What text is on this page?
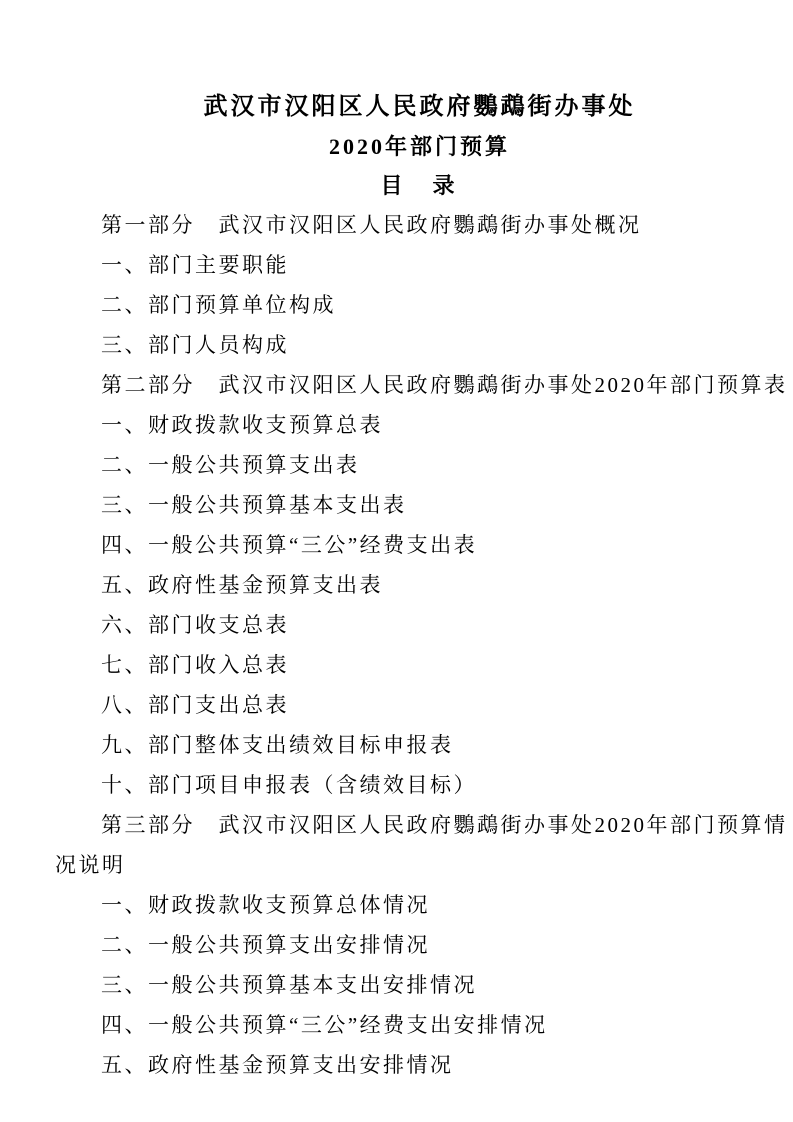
武汉市汉阳区人民政府鸚鵡街办事处
2020年部门预算
目　录
第一部分　武汉市汉阳区人民政府鸚鵡街办事处概况
一、部门主要职能
二、部门预算单位构成
三、部门人员构成
第二部分　武汉市汉阳区人民政府鸚鵡街办事处2020年部门预算表
一、财政拨款收支预算总表
二、一般公共预算支出表
三、一般公共预算基本支出表
四、一般公共预算“三公”经费支出表
五、政府性基金预算支出表
六、部门收支总表
七、部门收入总表
八、部门支出总表
九、部门整体支出绩效目标申报表
十、部门项目申报表（含绩效目标）
第三部分　武汉市汉阳区人民政府鸚鵡街办事处2020年部门预算情
况说明
一、财政拨款收支预算总体情况
二、一般公共预算支出安排情况
三、一般公共预算基本支出安排情况
四、一般公共预算“三公”经费支出安排情况
五、政府性基金预算支出安排情况
